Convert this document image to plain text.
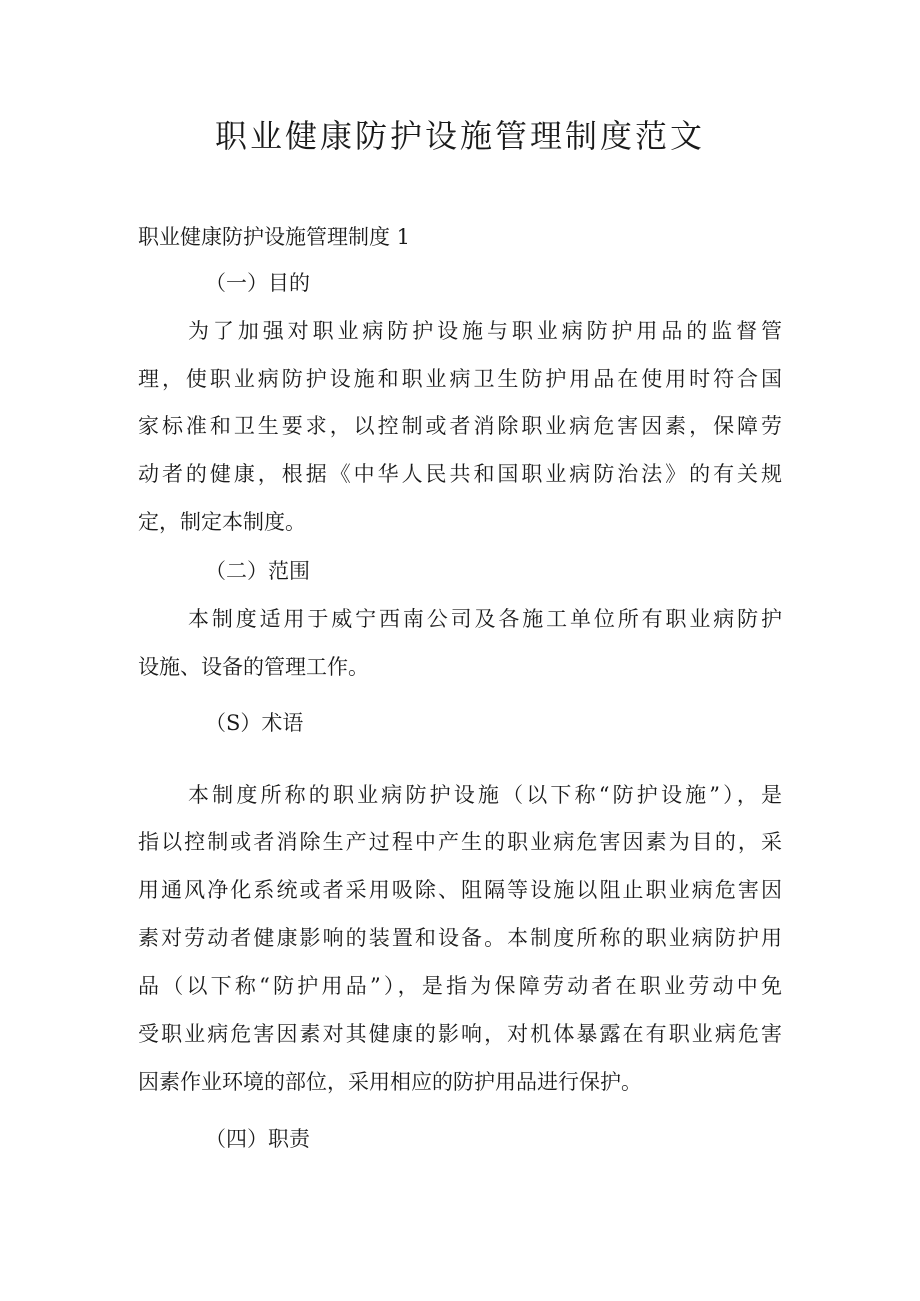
职业健康防护设施管理制度范文

职业健康防护设施管理制度 1

（一）目的

为了加强对职业病防护设施与职业病防护用品的监督管

理，使职业病防护设施和职业病卫生防护用品在使用时符合国

家标准和卫生要求，以控制或者消除职业病危害因素，保障劳

动者的健康，根据《中华人民共和国职业病防治法》的有关规

定，制定本制度。

（二）范围

本制度适用于威宁西南公司及各施工单位所有职业病防护

设施、设备的管理工作。

（S）术语

本制度所称的职业病防护设施（以下称“防护设施”），是

指以控制或者消除生产过程中产生的职业病危害因素为目的，采

用通风净化系统或者采用吸除、阻隔等设施以阻止职业病危害因

素对劳动者健康影响的装置和设备。本制度所称的职业病防护用

品（以下称“防护用品”），是指为保障劳动者在职业劳动中免

受职业病危害因素对其健康的影响，对机体暴露在有职业病危害

因素作业环境的部位，采用相应的防护用品进行保护。

（四）职责
